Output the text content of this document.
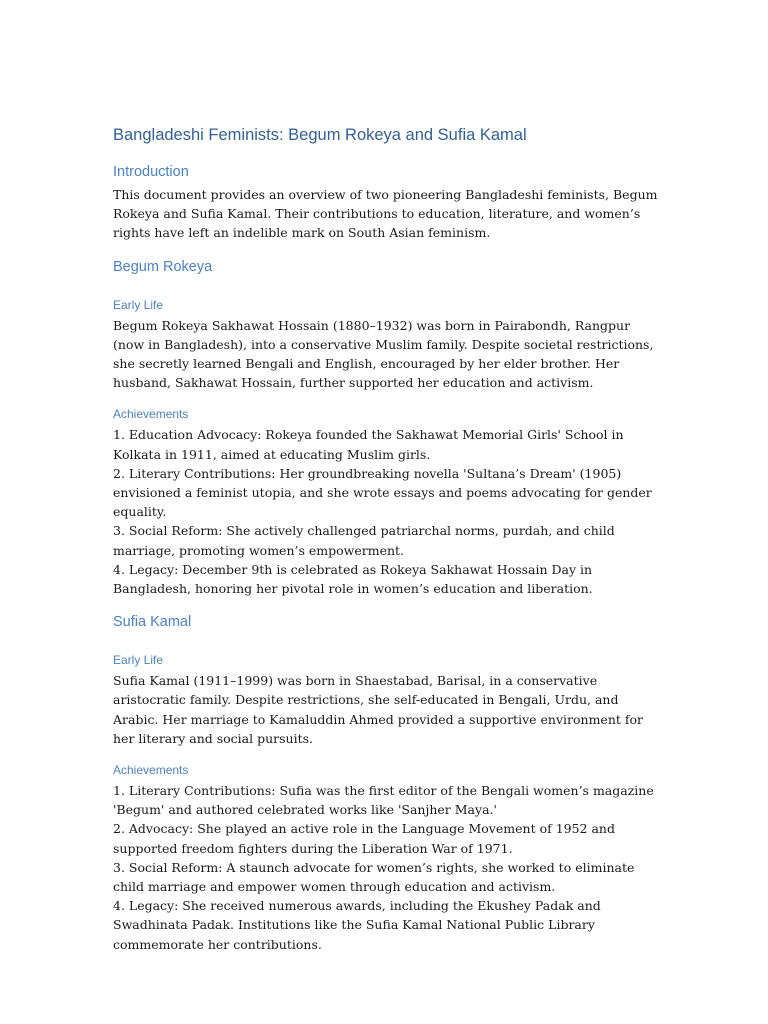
Bangladeshi Feminists: Begum Rokeya and Sufia Kamal
Introduction

This document provides an overview of two pioneering Bangladeshi feminists, Begum Rokeya and Sufia Kamal. Their contributions to education, literature, and women’s rights have left an indelible mark on South Asian feminism.

Begum Rokeya
Early Life

Begum Rokeya Sakhawat Hossain (1880–1932) was born in Pairabondh, Rangpur (now in Bangladesh), into a conservative Muslim family. Despite societal restrictions, she secretly learned Bengali and English, encouraged by her elder brother. Her husband, Sakhawat Hossain, further supported her education and activism.

Achievements

1. Education Advocacy: Rokeya founded the Sakhawat Memorial Girls' School in Kolkata in 1911, aimed at educating Muslim girls.

2. Literary Contributions: Her groundbreaking novella 'Sultana’s Dream' (1905) envisioned a feminist utopia, and she wrote essays and poems advocating for gender equality.

3. Social Reform: She actively challenged patriarchal norms, purdah, and child marriage, promoting women’s empowerment.

4. Legacy: December 9th is celebrated as Rokeya Sakhawat Hossain Day in Bangladesh, honoring her pivotal role in women’s education and liberation.

Sufia Kamal
Early Life

Sufia Kamal (1911–1999) was born in Shaestabad, Barisal, in a conservative aristocratic family. Despite restrictions, she self-educated in Bengali, Urdu, and Arabic. Her marriage to Kamaluddin Ahmed provided a supportive environment for her literary and social pursuits.

Achievements

1. Literary Contributions: Sufia was the first editor of the Bengali women’s magazine 'Begum' and authored celebrated works like 'Sanjher Maya.'

2. Advocacy: She played an active role in the Language Movement of 1952 and supported freedom fighters during the Liberation War of 1971.

3. Social Reform: A staunch advocate for women’s rights, she worked to eliminate child marriage and empower women through education and activism.

4. Legacy: She received numerous awards, including the Ekushey Padak and Swadhinata Padak. Institutions like the Sufia Kamal National Public Library commemorate her contributions.
